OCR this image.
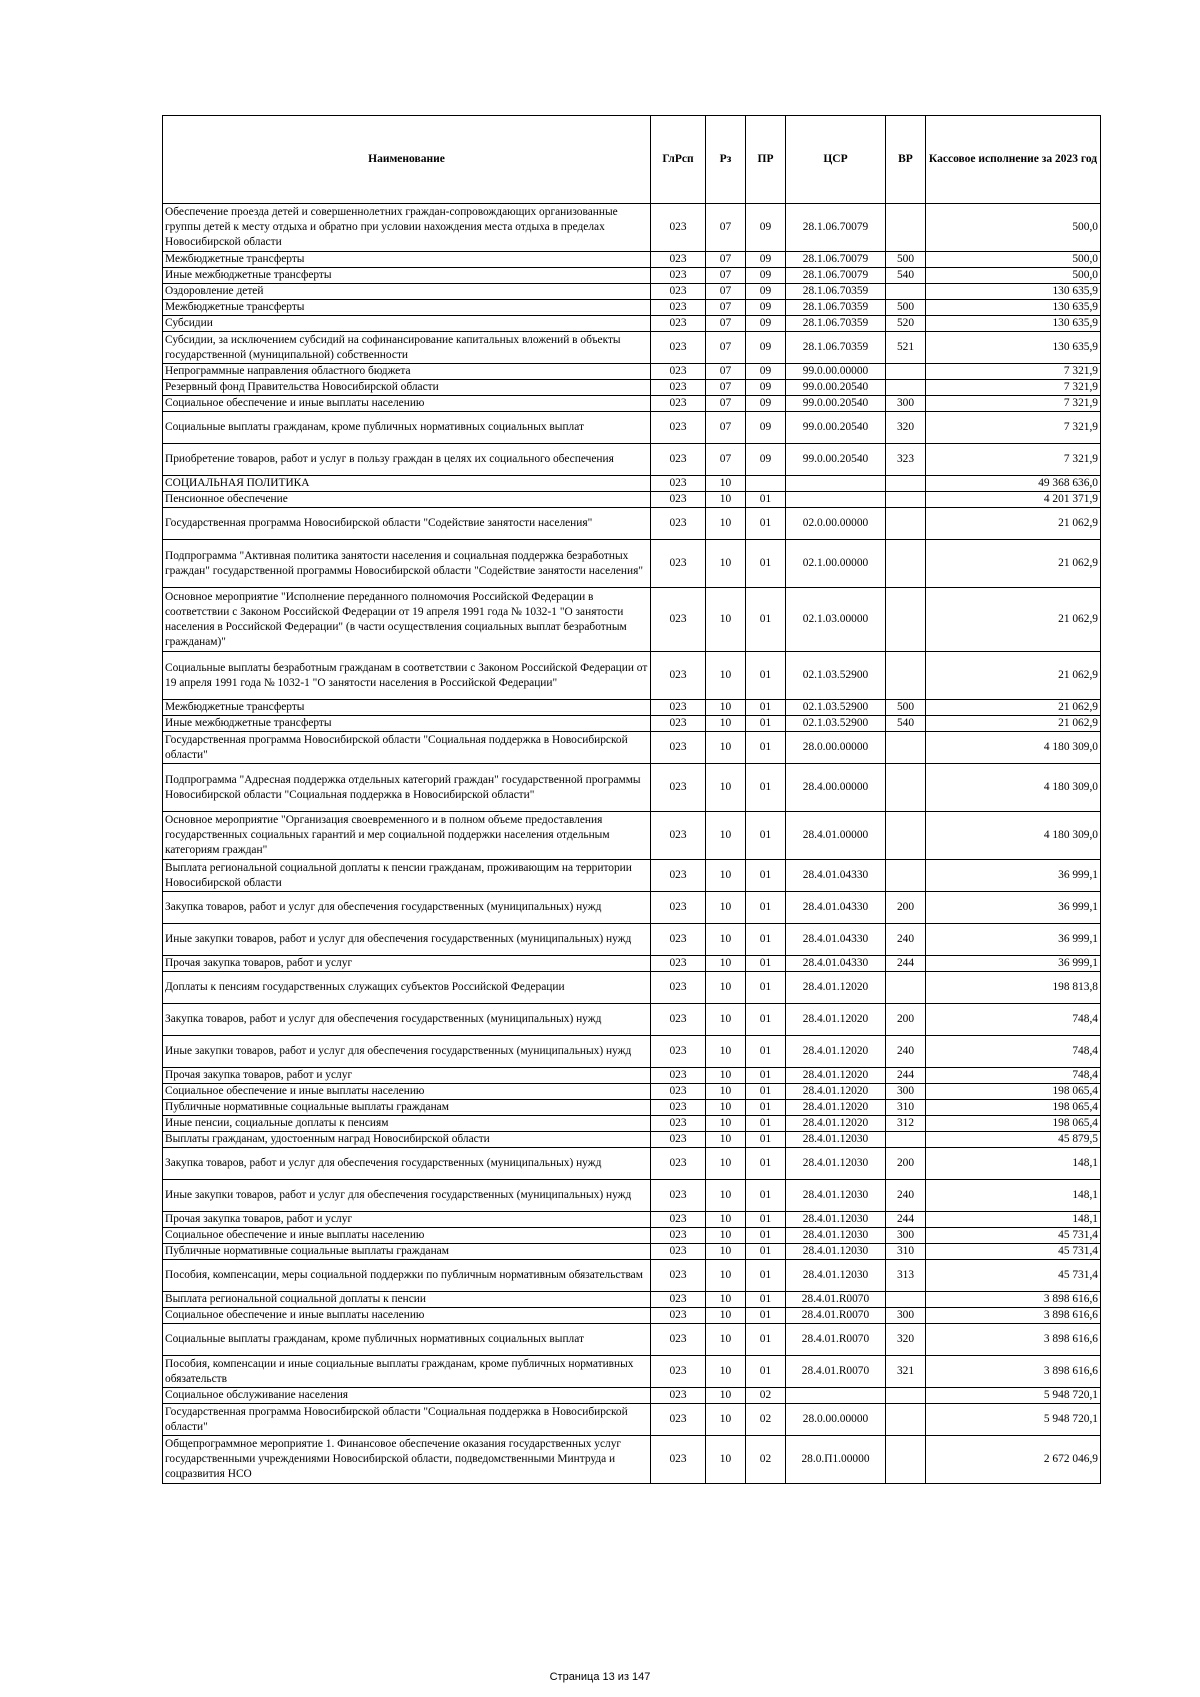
Наименование	ГлРсп	Рз	ПР	ЦСР	ВР	Кассовое исполнение за 2023 год
Обеспечение проезда детей и совершеннолетних граждан-сопровождающих организованные группы детей к месту отдыха и обратно при условии нахождения места отдыха в пределах Новосибирской области	023	07	09	28.1.06.70079		500,0
Межбюджетные трансферты	023	07	09	28.1.06.70079	500	500,0
Иные межбюджетные трансферты	023	07	09	28.1.06.70079	540	500,0
Оздоровление детей	023	07	09	28.1.06.70359		130 635,9
Межбюджетные трансферты	023	07	09	28.1.06.70359	500	130 635,9
Субсидии	023	07	09	28.1.06.70359	520	130 635,9
Субсидии, за исключением субсидий на софинансирование капитальных вложений в объекты государственной (муниципальной) собственности	023	07	09	28.1.06.70359	521	130 635,9
Непрограммные направления областного бюджета	023	07	09	99.0.00.00000		7 321,9
Резервный фонд Правительства Новосибирской области	023	07	09	99.0.00.20540		7 321,9
Социальное обеспечение и иные выплаты населению	023	07	09	99.0.00.20540	300	7 321,9
Социальные выплаты гражданам, кроме публичных нормативных социальных выплат	023	07	09	99.0.00.20540	320	7 321,9
Приобретение товаров, работ и услуг в пользу граждан в целях их социального обеспечения	023	07	09	99.0.00.20540	323	7 321,9
СОЦИАЛЬНАЯ ПОЛИТИКА	023	10				49 368 636,0
Пенсионное обеспечение	023	10	01			4 201 371,9
Государственная программа Новосибирской области "Содействие занятости населения"	023	10	01	02.0.00.00000		21 062,9
Подпрограмма "Активная политика занятости населения и социальная поддержка безработных граждан" государственной программы Новосибирской области "Содействие занятости населения"	023	10	01	02.1.00.00000		21 062,9
Основное мероприятие "Исполнение переданного полномочия Российской Федерации в соответствии с Законом Российской Федерации от 19 апреля 1991 года № 1032-1 "О занятости населения в Российской Федерации" (в части осуществления социальных выплат безработным гражданам)"	023	10	01	02.1.03.00000		21 062,9
Социальные выплаты безработным гражданам в соответствии с Законом Российской Федерации от 19 апреля 1991 года № 1032-1 "О занятости населения в Российской Федерации"	023	10	01	02.1.03.52900		21 062,9
Межбюджетные трансферты	023	10	01	02.1.03.52900	500	21 062,9
Иные межбюджетные трансферты	023	10	01	02.1.03.52900	540	21 062,9
Государственная программа Новосибирской области "Социальная поддержка в Новосибирской области"	023	10	01	28.0.00.00000		4 180 309,0
Подпрограмма "Адресная поддержка отдельных категорий граждан" государственной программы Новосибирской области "Социальная поддержка в Новосибирской области"	023	10	01	28.4.00.00000		4 180 309,0
Основное мероприятие "Организация своевременного и в полном объеме предоставления государственных социальных гарантий и мер социальной поддержки населения отдельным категориям граждан"	023	10	01	28.4.01.00000		4 180 309,0
Выплата региональной социальной доплаты к пенсии гражданам, проживающим на территории Новосибирской области	023	10	01	28.4.01.04330		36 999,1
Закупка товаров, работ и услуг для обеспечения государственных (муниципальных) нужд	023	10	01	28.4.01.04330	200	36 999,1
Иные закупки товаров, работ и услуг для обеспечения государственных (муниципальных) нужд	023	10	01	28.4.01.04330	240	36 999,1
Прочая закупка товаров, работ и услуг	023	10	01	28.4.01.04330	244	36 999,1
Доплаты к пенсиям государственных служащих субъектов Российской Федерации	023	10	01	28.4.01.12020		198 813,8
Закупка товаров, работ и услуг для обеспечения государственных (муниципальных) нужд	023	10	01	28.4.01.12020	200	748,4
Иные закупки товаров, работ и услуг для обеспечения государственных (муниципальных) нужд	023	10	01	28.4.01.12020	240	748,4
Прочая закупка товаров, работ и услуг	023	10	01	28.4.01.12020	244	748,4
Социальное обеспечение и иные выплаты населению	023	10	01	28.4.01.12020	300	198 065,4
Публичные нормативные социальные выплаты гражданам	023	10	01	28.4.01.12020	310	198 065,4
Иные пенсии, социальные доплаты к пенсиям	023	10	01	28.4.01.12020	312	198 065,4
Выплаты гражданам, удостоенным наград Новосибирской области	023	10	01	28.4.01.12030		45 879,5
Закупка товаров, работ и услуг для обеспечения государственных (муниципальных) нужд	023	10	01	28.4.01.12030	200	148,1
Иные закупки товаров, работ и услуг для обеспечения государственных (муниципальных) нужд	023	10	01	28.4.01.12030	240	148,1
Прочая закупка товаров, работ и услуг	023	10	01	28.4.01.12030	244	148,1
Социальное обеспечение и иные выплаты населению	023	10	01	28.4.01.12030	300	45 731,4
Публичные нормативные социальные выплаты гражданам	023	10	01	28.4.01.12030	310	45 731,4
Пособия, компенсации, меры социальной поддержки по публичным нормативным обязательствам	023	10	01	28.4.01.12030	313	45 731,4
Выплата региональной социальной доплаты к пенсии	023	10	01	28.4.01.R0070		3 898 616,6
Социальное обеспечение и иные выплаты населению	023	10	01	28.4.01.R0070	300	3 898 616,6
Социальные выплаты гражданам, кроме публичных нормативных социальных выплат	023	10	01	28.4.01.R0070	320	3 898 616,6
Пособия, компенсации и иные социальные выплаты гражданам, кроме публичных нормативных обязательств	023	10	01	28.4.01.R0070	321	3 898 616,6
Социальное обслуживание населения	023	10	02			5 948 720,1
Государственная программа Новосибирской области "Социальная поддержка в Новосибирской области"	023	10	02	28.0.00.00000		5 948 720,1
Общепрограммное мероприятие 1. Финансовое обеспечение оказания государственных услуг государственными учреждениями Новосибирской области, подведомственными Минтруда и соцразвития НСО	023	10	02	28.0.П1.00000		2 672 046,9
Страница 13 из 147
